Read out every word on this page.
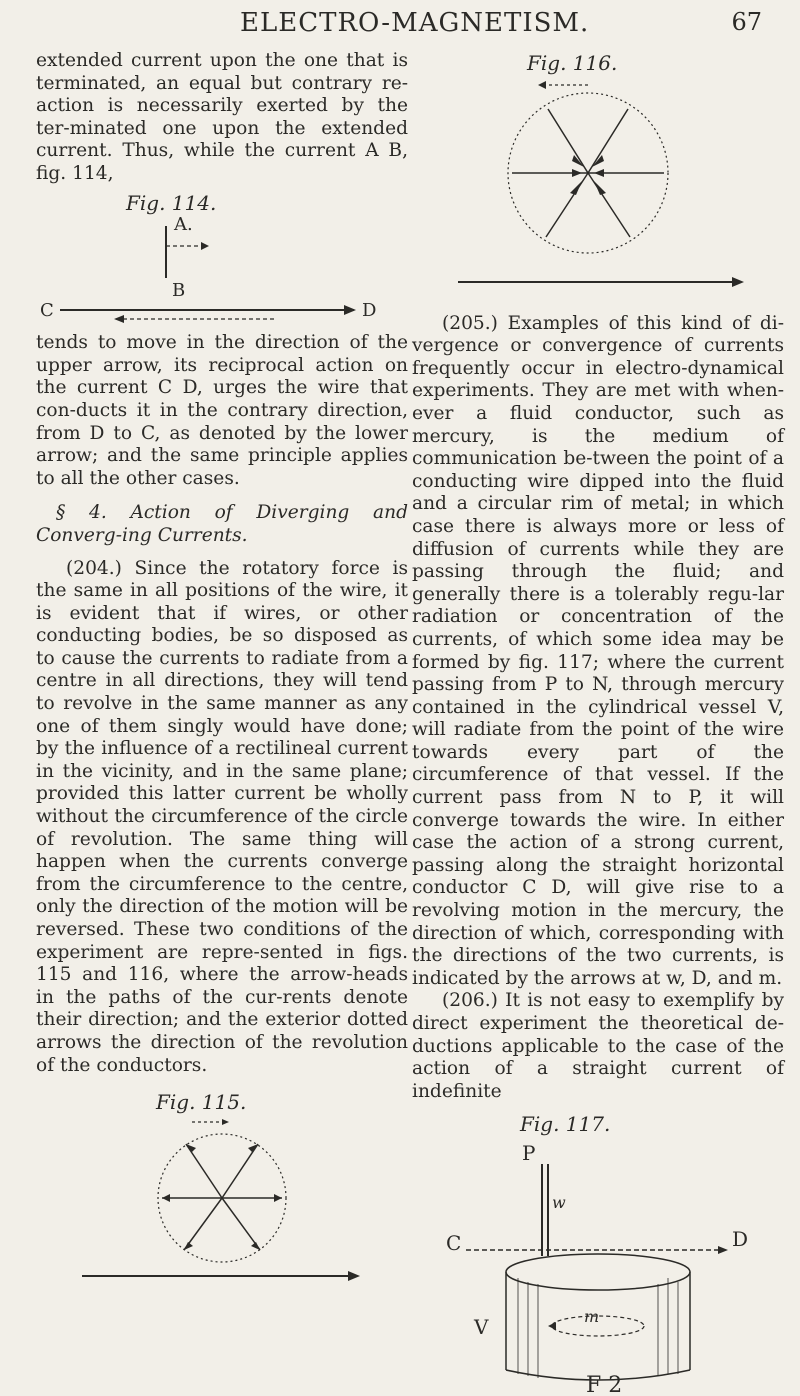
ELECTRO-MAGNETISM.	67

extended current upon the one that is terminated, an equal but contrary re-action is necessarily exerted by the ter-minated one upon the extended current. Thus, while the current A B, fig. 114,

Fig. 114.
A.
B
C	D

tends to move in the direction of the upper arrow, its reciprocal action on the current C D, urges the wire that con-ducts it in the contrary direction, from D to C, as denoted by the lower arrow; and the same principle applies to all the other cases.

§ 4. Action of Diverging and Converg-ing Currents.

(204.) Since the rotatory force is the same in all positions of the wire, it is evident that if wires, or other conducting bodies, be so disposed as to cause the currents to radiate from a centre in all directions, they will tend to revolve in the same manner as any one of them singly would have done; by the influence of a rectilineal current in the vicinity, and in the same plane; provided this latter current be wholly without the circumference of the circle of revolution. The same thing will happen when the currents converge from the circumference to the centre, only the direction of the motion will be reversed. These two conditions of the experiment are repre-sented in figs. 115 and 116, where the arrow-heads in the paths of the cur-rents denote their direction; and the exterior dotted arrows the direction of the revolution of the conductors.

Fig. 115.
Fig. 116.

(205.) Examples of this kind of di-vergence or convergence of currents frequently occur in electro-dynamical experiments. They are met with when-ever a fluid conductor, such as mercury, is the medium of communication be-tween the point of a conducting wire dipped into the fluid and a circular rim of metal; in which case there is always more or less of diffusion of currents while they are passing through the fluid; and generally there is a tolerably regu-lar radiation or concentration of the currents, of which some idea may be formed by fig. 117; where the current passing from P to N, through mercury contained in the cylindrical vessel V, will radiate from the point of the wire towards every part of the circumference of that vessel. If the current pass from N to P, it will converge towards the wire. In either case the action of a strong current, passing along the straight horizontal conductor C D, will give rise to a revolving motion in the mercury, the direction of which, corresponding with the directions of the two currents, is indicated by the arrows at w, D, and m.

(206.) It is not easy to exemplify by direct experiment the theoretical de-ductions applicable to the case of the action of a straight current of indefinite

Fig. 117.
P
w
C	D
m
V
F 2
